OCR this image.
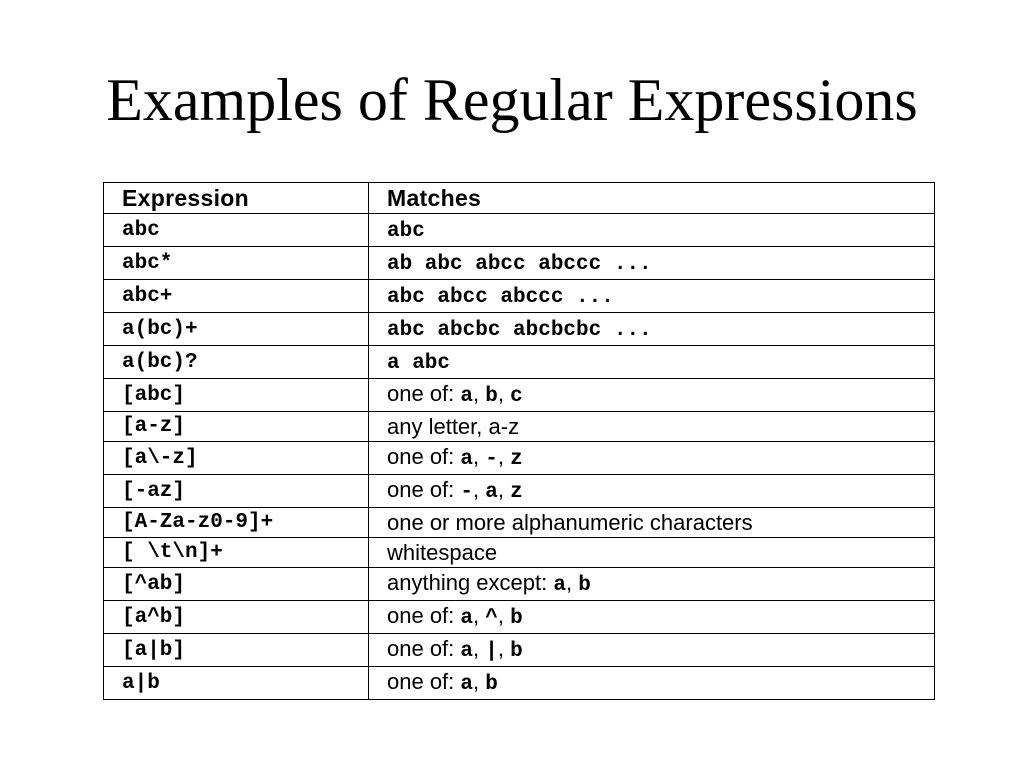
Examples of Regular Expressions
Expression	Matches
abc	abc
abc*	ab abc abcc abccc ...
abc+	abc abcc abccc ...
a(bc)+	abc abcbc abcbcbc ...
a(bc)?	a abc
[abc]	one of: a, b, c
[a-z]	any letter, a-z
[a\-z]	one of: a, -, z
[-az]	one of: -, a, z
[A-Za-z0-9]+	one or more alphanumeric characters
[ \t\n]+	whitespace
[^ab]	anything except: a, b
[a^b]	one of: a, ^, b
[a|b]	one of: a, |, b
a|b	one of: a, b
